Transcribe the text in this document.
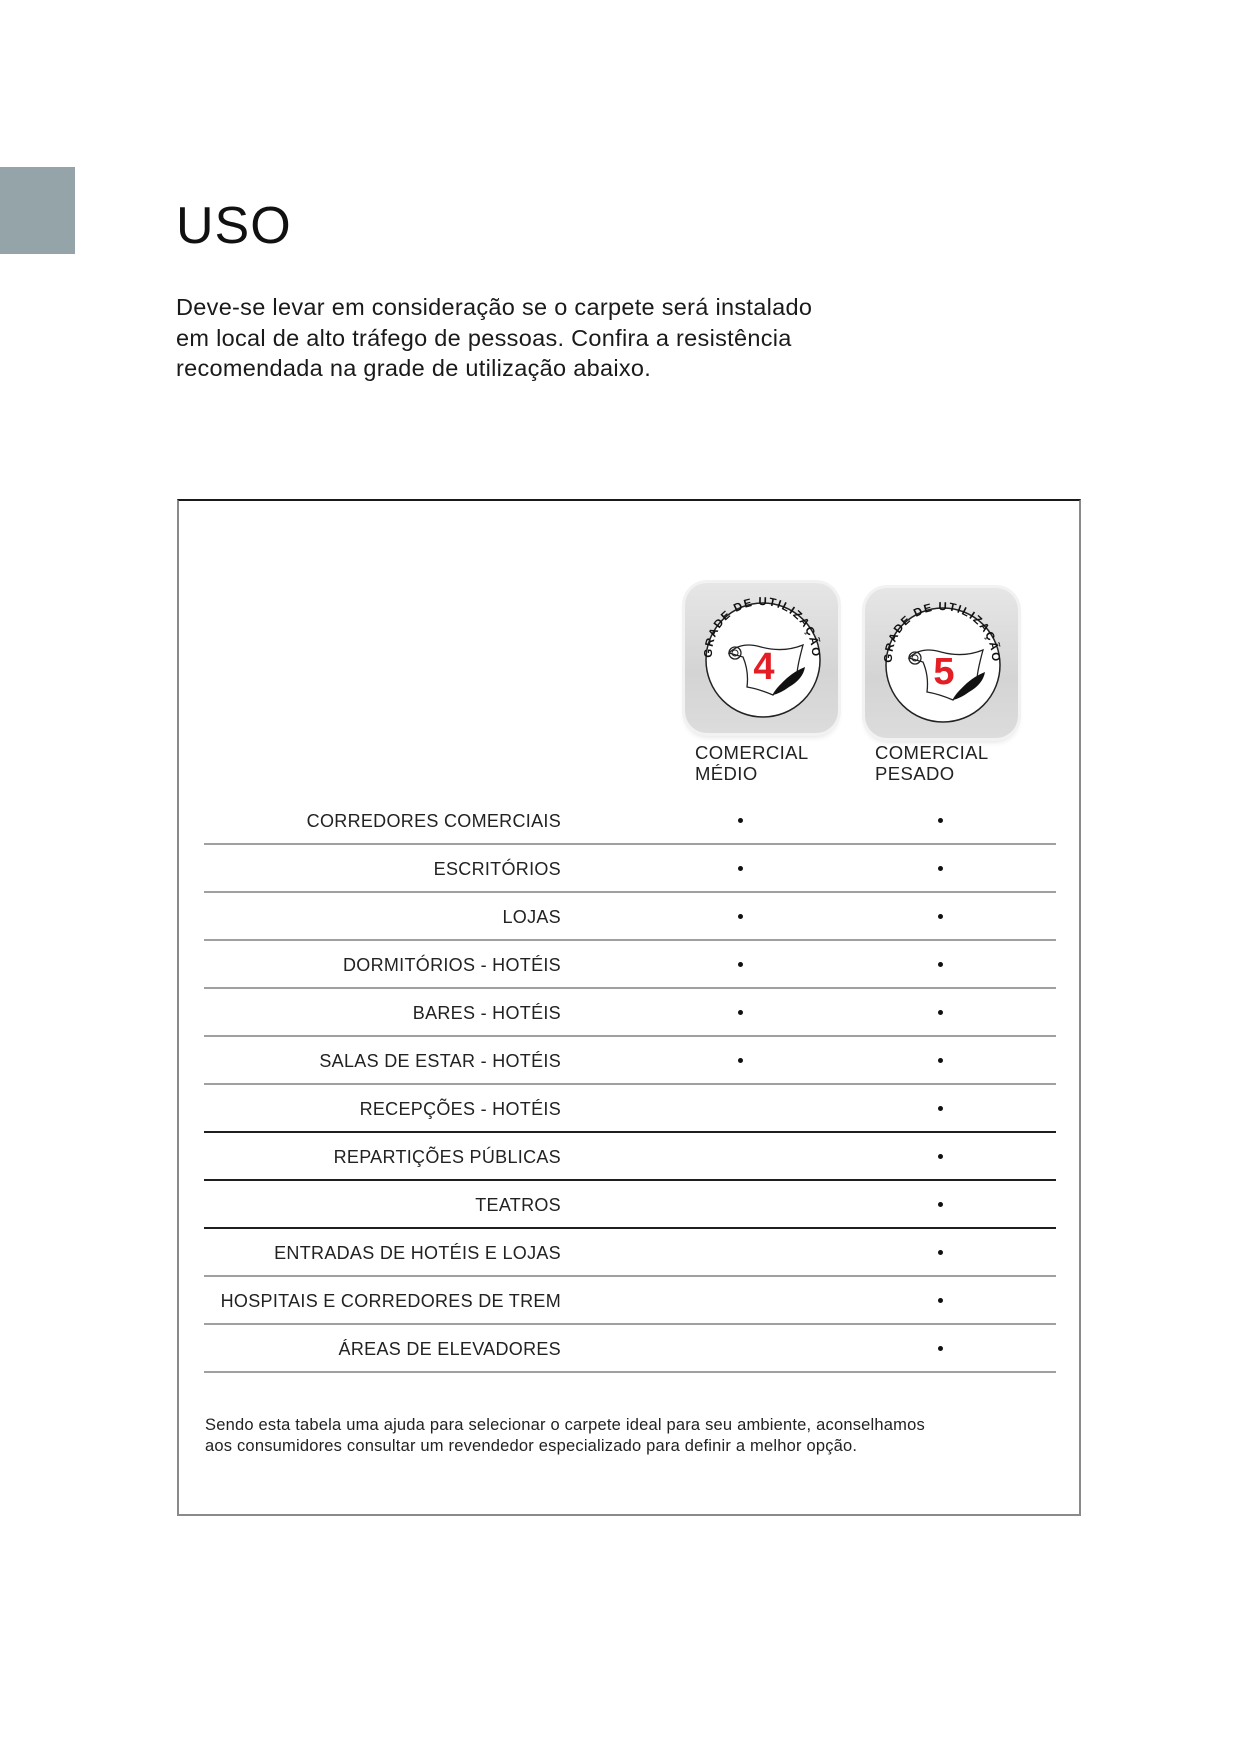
USO

Deve-se levar em consideração se o carpete será instalado
em local de alto tráfego de pessoas. Confira a resistência
recomendada na grade de utilização abaixo.

GRADE DE UTILIZAÇÃO
4	GRADE DE UTILIZAÇÃO
5
COMERCIAL
MÉDIO
COMERCIAL
PESADO
CORREDORES COMERCIAIS
ESCRITÓRIOS
LOJAS
DORMITÓRIOS - HOTÉIS
BARES - HOTÉIS
SALAS DE ESTAR - HOTÉIS
RECEPÇÕES - HOTÉIS
REPARTIÇÕES PÚBLICAS
TEATROS
ENTRADAS DE HOTÉIS E LOJAS
HOSPITAIS E CORREDORES DE TREM
ÁREAS DE ELEVADORES

Sendo esta tabela uma ajuda para selecionar o carpete ideal para seu ambiente, aconselhamos
aos consumidores consultar um revendedor especializado para definir a melhor opção.
